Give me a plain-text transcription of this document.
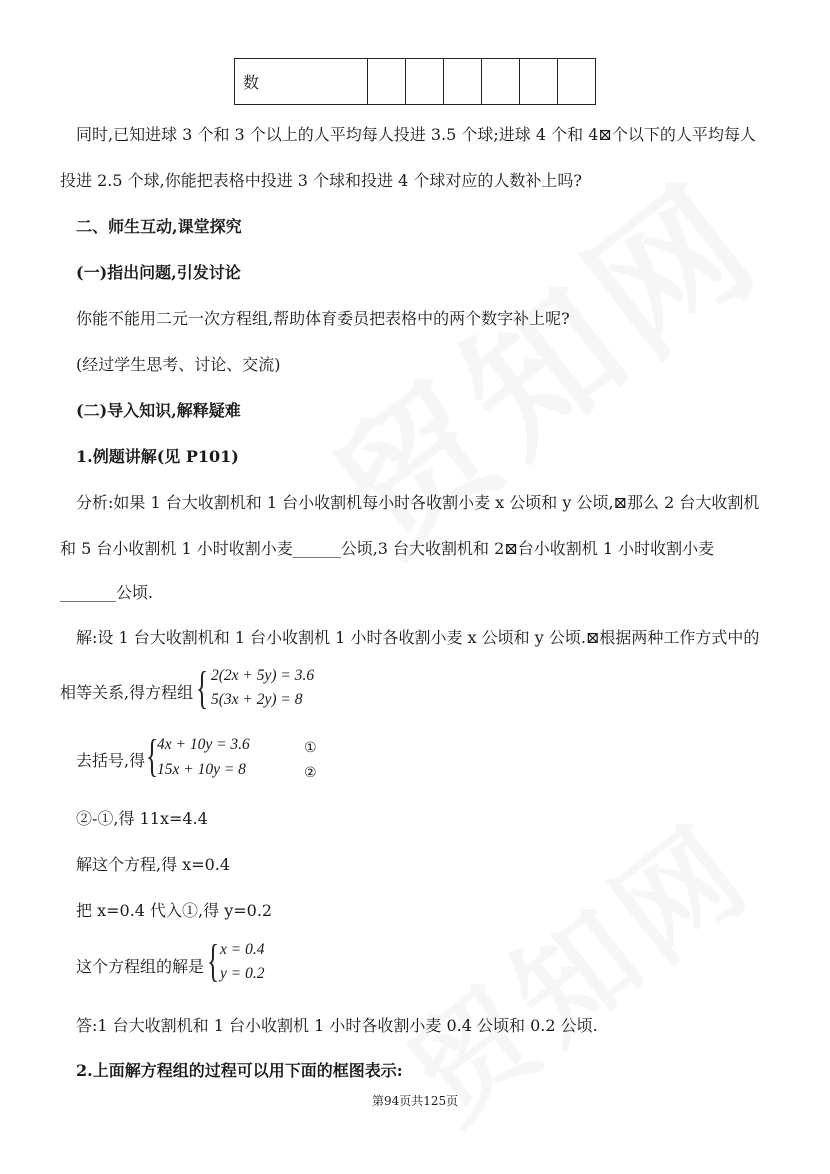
数						
同时,已知进球 3 个和 3 个以上的人平均每人投进 3.5 个球;进球 4 个和 4⊠个以下的人平均每人
投进 2.5 个球,你能把表格中投进 3 个球和投进 4 个球对应的人数补上吗?
二、师生互动,课堂探究
(一)指出问题,引发讨论
你能不能用二元一次方程组,帮助体育委员把表格中的两个数字补上呢?
(经过学生思考、讨论、交流)
(二)导入知识,解释疑难
1.例题讲解(见 P101)
分析:如果 1 台大收割机和 1 台小收割机每小时各收割小麦 x 公顷和 y 公顷,⊠那么 2 台大收割机
和 5 台小收割机 1 小时收割小麦______公顷,3 台大收割机和 2⊠台小收割机 1 小时收割小麦
_______公顷.
解:设 1 台大收割机和 1 台小收割机 1 小时各收割小麦 x 公顷和 y 公顷.⊠根据两种工作方式中的
相等关系,得方程组 { 2(2x + 5y) = 3.6
5(3x + 2y) = 8
去括号,得 {
4x + 10y = 3.6
15x + 10y = 8
①
②
②-①,得 11x=4.4
解这个方程,得 x=0.4
把 x=0.4 代入①,得 y=0.2
这个方程组的解是 { x = 0.4
y = 0.2
答:1 台大收割机和 1 台小收割机 1 小时各收割小麦 0.4 公顷和 0.2 公顷.
2.上面解方程组的过程可以用下面的框图表示:
第94页共125页
